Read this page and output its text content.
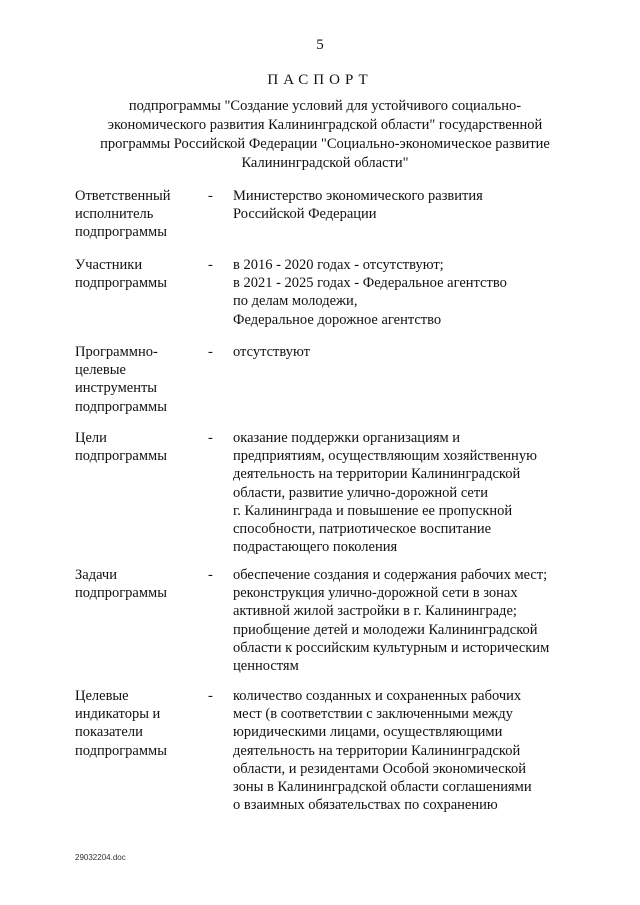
5
ПАСПОРТ
подпрограммы "Создание условий для устойчивого социально-
экономического развития Калининградской области" государственной
программы Российской Федерации "Социально-экономическое развитие
Калининградской области"
Ответственный
исполнитель
подпрограммы
- Министерство экономического развития
Российской Федерации
Участники
подпрограммы
- в 2016 - 2020 годах - отсутствуют;
в 2021 - 2025 годах - Федеральное агентство
по делам молодежи,
Федеральное дорожное агентство
Программно-
целевые
инструменты
подпрограммы
- отсутствуют
Цели
подпрограммы
- оказание поддержки организациям и
предприятиям, осуществляющим хозяйственную
деятельность на территории Калининградской
области, развитие улично-дорожной сети
г. Калининграда и повышение ее пропускной
способности, патриотическое воспитание
подрастающего поколения
Задачи
подпрограммы
- обеспечение создания и содержания рабочих мест;
реконструкция улично-дорожной сети в зонах
активной жилой застройки в г. Калининграде;
приобщение детей и молодежи Калининградской
области к российским культурным и историческим
ценностям
Целевые
индикаторы и
показатели
подпрограммы
- количество созданных и сохраненных рабочих
мест (в соответствии с заключенными между
юридическими лицами, осуществляющими
деятельность на территории Калининградской
области, и резидентами Особой экономической
зоны в Калининградской области соглашениями
о взаимных обязательствах по сохранению
29032204.doc
